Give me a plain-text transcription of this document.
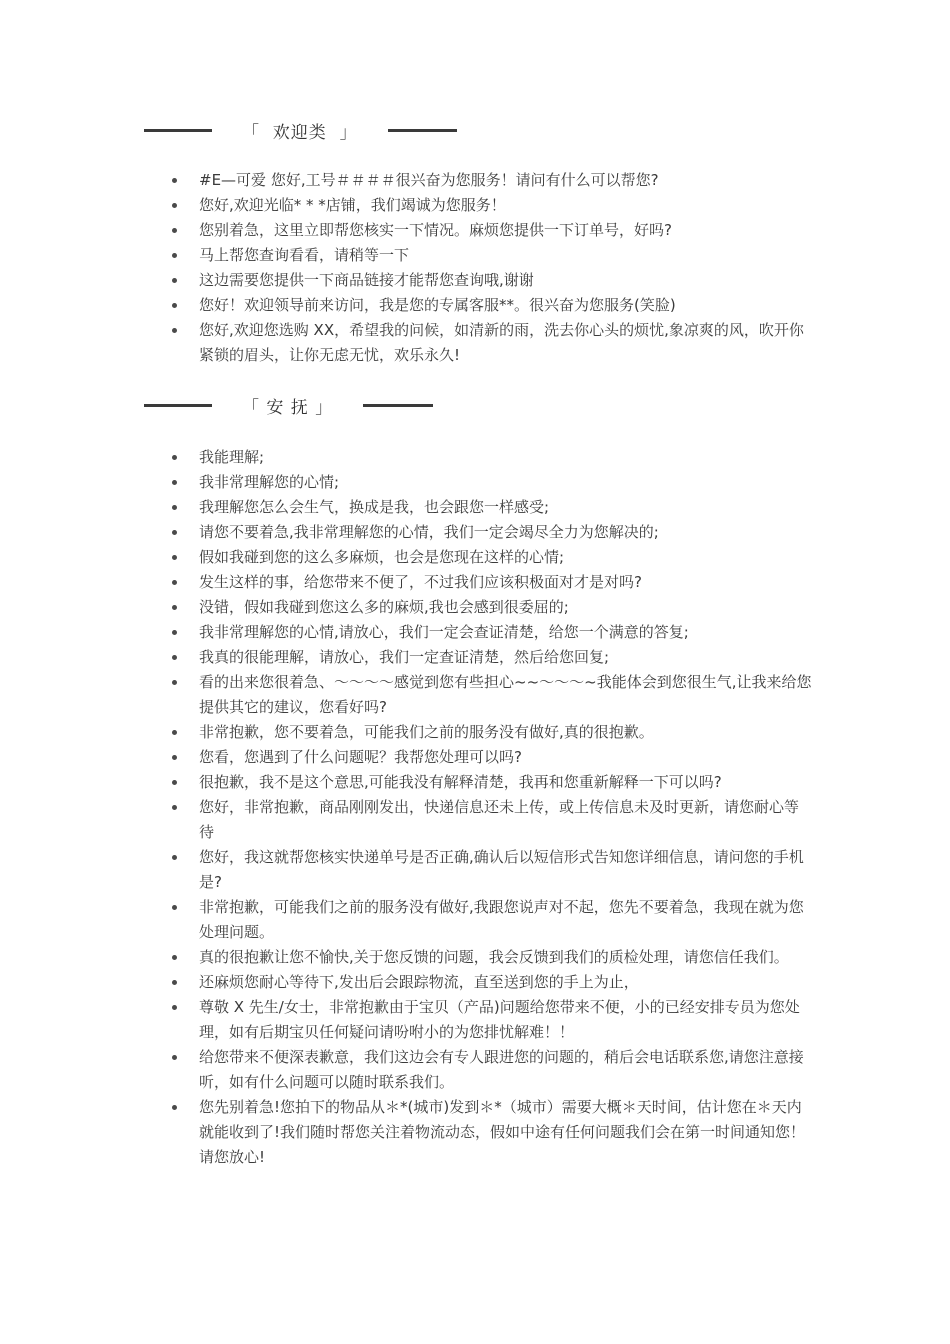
「  欢迎类  」
#E—可爱 您好,工号＃＃＃＃很兴奋为您服务！请问有什么可以帮您?
您好,欢迎光临* * *店铺，我们竭诚为您服务！
您别着急，这里立即帮您核实一下情况。麻烦您提供一下订单号，好吗?
马上帮您查询看看，请稍等一下
这边需要您提供一下商品链接才能帮您查询哦,谢谢
您好！欢迎领导前来访问，我是您的专属客服**。很兴奋为您服务(笑脸)
您好,欢迎您选购 XX，希望我的问候，如清新的雨，洗去你心头的烦忧,象凉爽的风，吹开你紧锁的眉头，让你无虑无忧，欢乐永久!
「 安 抚 」
我能理解;
我非常理解您的心情;
我理解您怎么会生气，换成是我，也会跟您一样感受;
请您不要着急,我非常理解您的心情，我们一定会竭尽全力为您解决的;
假如我碰到您的这么多麻烦，也会是您现在这样的心情;
发生这样的事，给您带来不便了，不过我们应该积极面对才是对吗?
没错，假如我碰到您这么多的麻烦,我也会感到很委屈的;
我非常理解您的心情,请放心，我们一定会查证清楚，给您一个满意的答复;
我真的很能理解，请放心，我们一定查证清楚，然后给您回复;
看的出来您很着急、～～～～感觉到您有些担心~~～～～~我能体会到您很生气,让我来给您提供其它的建议，您看好吗?
非常抱歉，您不要着急，可能我们之前的服务没有做好,真的很抱歉。
您看，您遇到了什么问题呢？我帮您处理可以吗?
很抱歉，我不是这个意思,可能我没有解释清楚，我再和您重新解释一下可以吗?
您好，非常抱歉，商品刚刚发出，快递信息还未上传，或上传信息未及时更新，请您耐心等待
您好，我这就帮您核实快递单号是否正确,确认后以短信形式告知您详细信息，请问您的手机是?
非常抱歉，可能我们之前的服务没有做好,我跟您说声对不起，您先不要着急，我现在就为您处理问题。
真的很抱歉让您不愉快,关于您反馈的问题，我会反馈到我们的质检处理，请您信任我们。
还麻烦您耐心等待下,发出后会跟踪物流，直至送到您的手上为止，
尊敬 X 先生/女士，非常抱歉由于宝贝（产品)问题给您带来不便，小的已经安排专员为您处理，如有后期宝贝任何疑问请吩咐小的为您排忧解难！！
给您带来不便深表歉意，我们这边会有专人跟进您的问题的，稍后会电话联系您,请您注意接听，如有什么问题可以随时联系我们。
您先别着急!您拍下的物品从＊*(城市)发到＊*（城市）需要大概＊天时间，估计您在＊天内就能收到了!我们随时帮您关注着物流动态，假如中途有任何问题我们会在第一时间通知您！请您放心!
